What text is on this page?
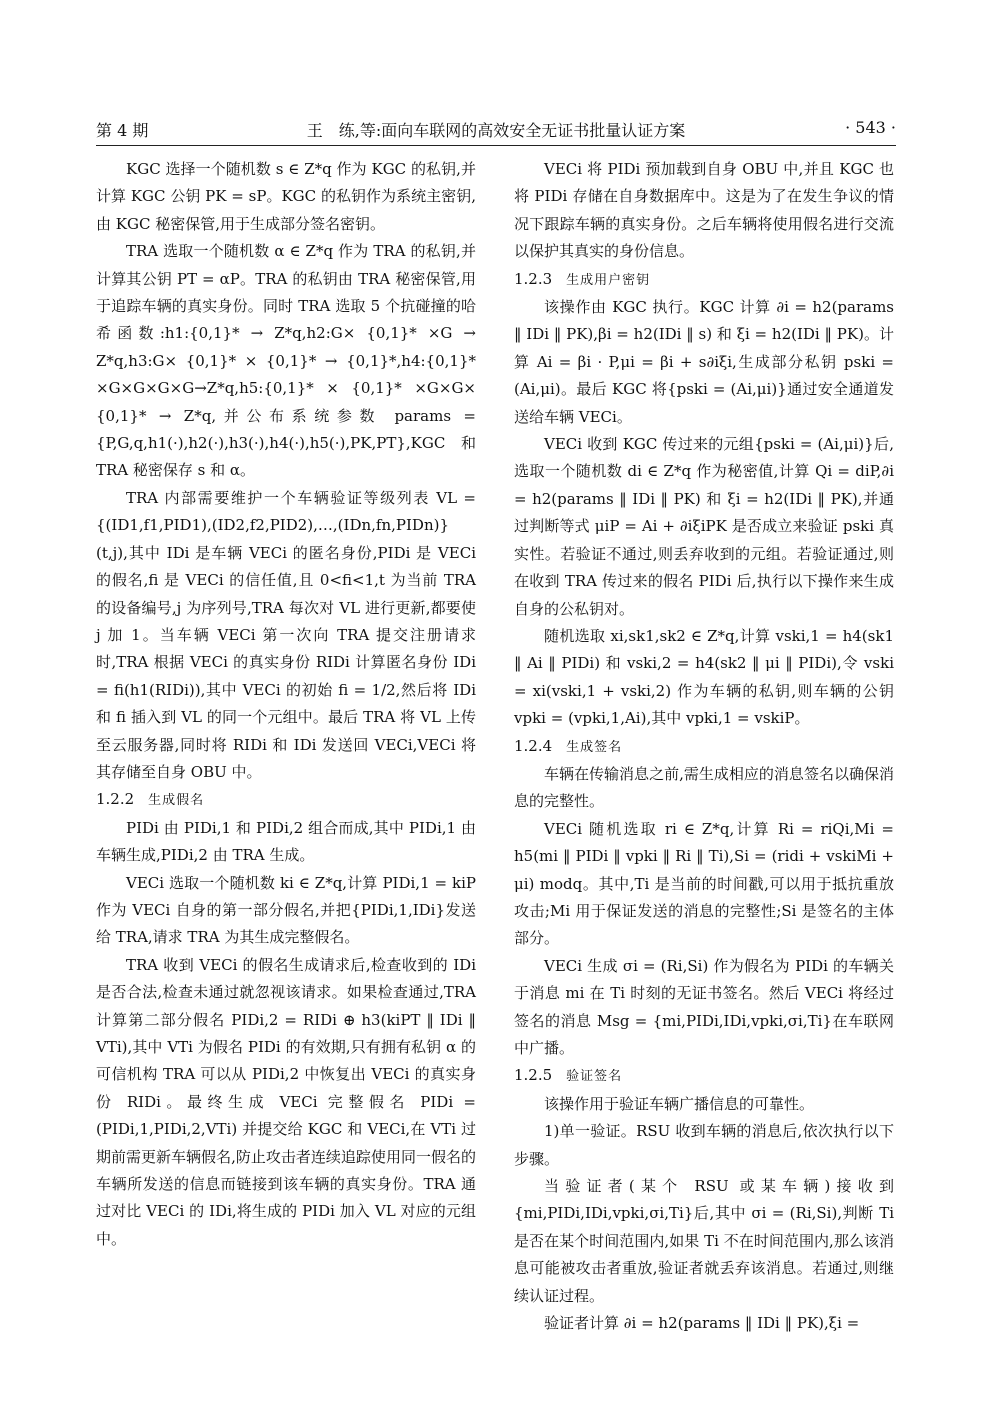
第 4 期	王　练,等:面向车联网的高效安全无证书批量认证方案	· 543 ·

KGC 选择一个随机数 s ∈ Z*q 作为 KGC 的私钥,并计算 KGC 公钥 PK = sP。KGC 的私钥作为系统主密钥,由 KGC 秘密保管,用于生成部分签名密钥。

TRA 选取一个随机数 α ∈ Z*q 作为 TRA 的私钥,并计算其公钥 PT = αP。TRA 的私钥由 TRA 秘密保管,用于追踪车辆的真实身份。同时 TRA 选取 5 个抗碰撞的哈希函数:h1:{0,1}* → Z*q,h2:G× {0,1}* ×G → Z*q,h3:G× {0,1}* × {0,1}* → {0,1}*,h4:{0,1}* ×G×G×G×G→Z*q,h5:{0,1}* × {0,1}* ×G×G× {0,1}* → Z*q,并公布系统参数 params = {P,G,q,h1(·),h2(·),h3(·),h4(·),h5(·),PK,PT},KGC 和 TRA 秘密保存 s 和 α。

TRA 内部需要维护一个车辆验证等级列表 VL = {(ID1,f1,PID1),(ID2,f2,PID2),…,(IDn,fn,PIDn)}(t,j),其中 IDi 是车辆 VECi 的匿名身份,PIDi 是 VECi 的假名,fi 是 VECi 的信任值,且 0<fi<1,t 为当前 TRA 的设备编号,j 为序列号,TRA 每次对 VL 进行更新,都要使 j 加 1。当车辆 VECi 第一次向 TRA 提交注册请求时,TRA 根据 VECi 的真实身份 RIDi 计算匿名身份 IDi = fi(h1(RIDi)),其中 VECi 的初始 fi = 1/2,然后将 IDi 和 fi 插入到 VL 的同一个元组中。最后 TRA 将 VL 上传至云服务器,同时将 RIDi 和 IDi 发送回 VECi,VECi 将其存储至自身 OBU 中。

1.2.2 生成假名

PIDi 由 PIDi,1 和 PIDi,2 组合而成,其中 PIDi,1 由车辆生成,PIDi,2 由 TRA 生成。

VECi 选取一个随机数 ki ∈ Z*q,计算 PIDi,1 = kiP 作为 VECi 自身的第一部分假名,并把{PIDi,1,IDi}发送给 TRA,请求 TRA 为其生成完整假名。

TRA 收到 VECi 的假名生成请求后,检查收到的 IDi 是否合法,检查未通过就忽视该请求。如果检查通过,TRA 计算第二部分假名 PIDi,2 = RIDi ⊕ h3(kiPT ‖ IDi ‖ VTi),其中 VTi 为假名 PIDi 的有效期,只有拥有私钥 α 的可信机构 TRA 可以从 PIDi,2 中恢复出 VECi 的真实身份 RIDi。最终生成 VECi 完整假名 PIDi = (PIDi,1,PIDi,2,VTi) 并提交给 KGC 和 VECi,在 VTi 过期前需更新车辆假名,防止攻击者连续追踪使用同一假名的车辆所发送的信息而链接到该车辆的真实身份。TRA 通过对比 VECi 的 IDi,将生成的 PIDi 加入 VL 对应的元组中。

VECi 将 PIDi 预加载到自身 OBU 中,并且 KGC 也将 PIDi 存储在自身数据库中。这是为了在发生争议的情况下跟踪车辆的真实身份。之后车辆将使用假名进行交流以保护其真实的身份信息。

1.2.3 生成用户密钥

该操作由 KGC 执行。KGC 计算 ∂i = h2(params ‖ IDi ‖ PK),βi = h2(IDi ‖ s) 和 ξi = h2(IDi ‖ PK)。计算 Ai = βi · P,μi = βi + s∂iξi,生成部分私钥 pski = (Ai,μi)。最后 KGC 将{pski = (Ai,μi)}通过安全通道发送给车辆 VECi。

VECi 收到 KGC 传过来的元组{pski = (Ai,μi)}后,选取一个随机数 di ∈ Z*q 作为秘密值,计算 Qi = diP,∂i = h2(params ‖ IDi ‖ PK) 和 ξi = h2(IDi ‖ PK),并通过判断等式 μiP = Ai + ∂iξiPK 是否成立来验证 pski 真实性。若验证不通过,则丢弃收到的元组。若验证通过,则在收到 TRA 传过来的假名 PIDi 后,执行以下操作来生成自身的公私钥对。

随机选取 xi,sk1,sk2 ∈ Z*q,计算 vski,1 = h4(sk1 ‖ Ai ‖ PIDi) 和 vski,2 = h4(sk2 ‖ μi ‖ PIDi),令 vski = xi(vski,1 + vski,2) 作为车辆的私钥,则车辆的公钥 vpki = (vpki,1,Ai),其中 vpki,1 = vskiP。

1.2.4 生成签名

车辆在传输消息之前,需生成相应的消息签名以确保消息的完整性。

VECi 随机选取 ri ∈ Z*q,计算 Ri = riQi,Mi = h5(mi ‖ PIDi ‖ vpki ‖ Ri ‖ Ti),Si = (ridi + vskiMi + μi) modq。其中,Ti 是当前的时间戳,可以用于抵抗重放攻击;Mi 用于保证发送的消息的完整性;Si 是签名的主体部分。

VECi 生成 σi = (Ri,Si) 作为假名为 PIDi 的车辆关于消息 mi 在 Ti 时刻的无证书签名。然后 VECi 将经过签名的消息 Msg = {mi,PIDi,IDi,vpki,σi,Ti}在车联网中广播。

1.2.5 验证签名

该操作用于验证车辆广播信息的可靠性。

1)单一验证。RSU 收到车辆的消息后,依次执行以下步骤。

当验证者(某个 RSU 或某车辆)接收到{mi,PIDi,IDi,vpki,σi,Ti}后,其中 σi = (Ri,Si),判断 Ti 是否在某个时间范围内,如果 Ti 不在时间范围内,那么该消息可能被攻击者重放,验证者就丢弃该消息。若通过,则继续认证过程。

验证者计算 ∂i = h2(params ‖ IDi ‖ PK),ξi =
